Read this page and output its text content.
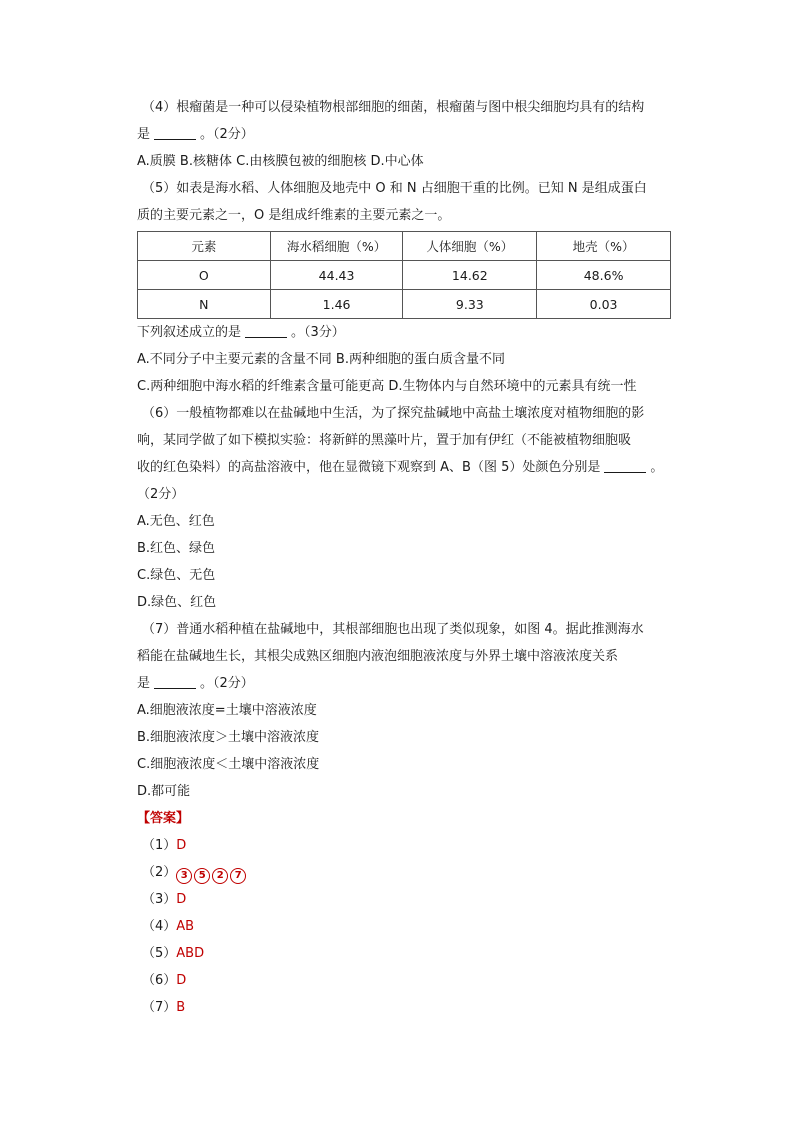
（4）根瘤菌是一种可以侵染植物根部细胞的细菌，根瘤菌与图中根尖细胞均具有的结构
是	。（2分）
A.质膜 B.核糖体 C.由核膜包被的细胞核 D.中心体
（5）如表是海水稻、人体细胞及地壳中 O 和 N 占细胞干重的比例。已知 N 是组成蛋白
质的主要元素之一，O 是组成纤维素的主要元素之一。
元素	海水稻细胞（%）	人体细胞（%）	地壳（%）
O	44.43	14.62	48.6%
N	1.46	9.33	0.03
下列叙述成立的是	。（3分）
A.不同分子中主要元素的含量不同 B.两种细胞的蛋白质含量不同
C.两种细胞中海水稻的纤维素含量可能更高 D.生物体内与自然环境中的元素具有统一性
（6）一般植物都难以在盐碱地中生活，为了探究盐碱地中高盐土壤浓度对植物细胞的影
响，某同学做了如下模拟实验：将新鲜的黑藻叶片，置于加有伊红（不能被植物细胞吸
收的红色染料）的高盐溶液中，他在显微镜下观察到 A、B（图 5）处颜色分别是	。
（2分）
A.无色、红色
B.红色、绿色
C.绿色、无色
D.绿色、红色
（7）普通水稻种植在盐碱地中，其根部细胞也出现了类似现象，如图 4。据此推测海水
稻能在盐碱地生长，其根尖成熟区细胞内液泡细胞液浓度与外界土壤中溶液浓度关系
是	。（2分）
A.细胞液浓度=土壤中溶液浓度
B.细胞液浓度＞土壤中溶液浓度
C.细胞液浓度＜土壤中溶液浓度
D.都可能
【答案】
（1）D
（2） 3 5 2 7
（3）D
（4）AB
（5）ABD
（6）D
（7）B
